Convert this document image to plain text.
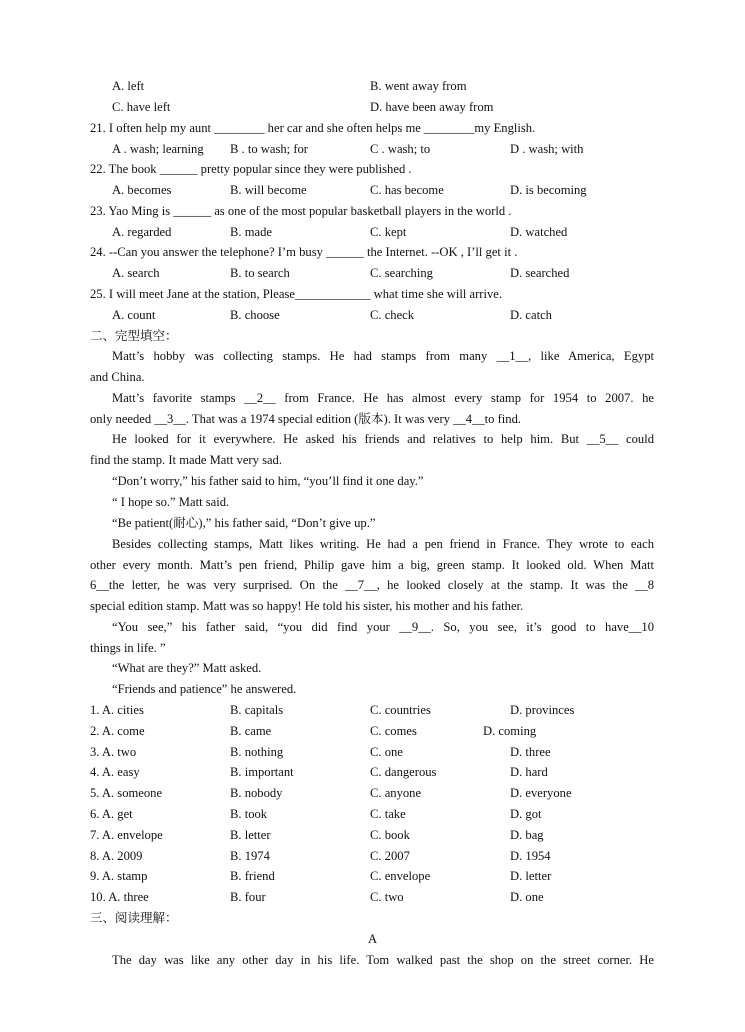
A. left	B. went away from
C. have left	D. have been away from
21. I often help my aunt ________ her car and she often helps me ________my English.
A . wash; learning B . to wash; for	C . wash; to	D . wash; with
22. The book ______ pretty popular since they were published .
A. becomes	B. will become	C. has become	D. is becoming
23. Yao Ming is ______ as one of the most popular basketball players in the world .
A. regarded	B. made	C. kept	D. watched
24. --Can you answer the telephone? I’m busy ______ the Internet. --OK , I’ll get it .
A. search	B. to search	C. searching	D. searched
25. I will meet Jane at the station, Please____________ what time she will arrive.
A. count	B. choose	C. check	D. catch
二、完型填空：
Matt’s hobby was collecting stamps. He had stamps from many __1__, like America, Egypt
and China.
Matt’s favorite stamps __2__ from France. He has almost every stamp for 1954 to 2007. he
only needed __3__. That was a 1974 special edition (版本). It was very __4__to find.
He looked for it everywhere. He asked his friends and relatives to help him. But __5__ could
find the stamp. It made Matt very sad.
“Don’t worry,” his father said to him, “you’ll find it one day.”
“ I hope so.” Matt said.
“Be patient(耐心),” his father said, “Don’t give up.”
Besides collecting stamps, Matt likes writing. He had a pen friend in France. They wrote to each
other every month. Matt’s pen friend, Philip gave him a big, green stamp. It looked old. When Matt
6__the letter, he was very surprised. On the __7__, he looked closely at the stamp. It was the __8
special edition stamp. Matt was so happy! He told his sister, his mother and his father.
“You see,” his father said, “you did find your __9__. So, you see, it’s good to have__10
things in life. ”
“What are they?” Matt asked.
“Friends and patience” he answered.
1. A. cities	B. capitals	C. countries	D. provinces
2. A. come	B. came	C. comes	D. coming
3. A. two	B. nothing	C. one	D. three
4. A. easy	B. important	C. dangerous	D. hard
5. A. someone	B. nobody	C. anyone	D. everyone
6. A. get	B. took	C. take	D. got
7. A. envelope	B. letter	C. book	D. bag
8. A. 2009	B. 1974	C. 2007	D. 1954
9. A. stamp	B. friend	C. envelope	D. letter
10. A. three	B. four	C. two	D. one
三、阅读理解：
A
The day was like any other day in his life. Tom walked past the shop on the street corner. He
